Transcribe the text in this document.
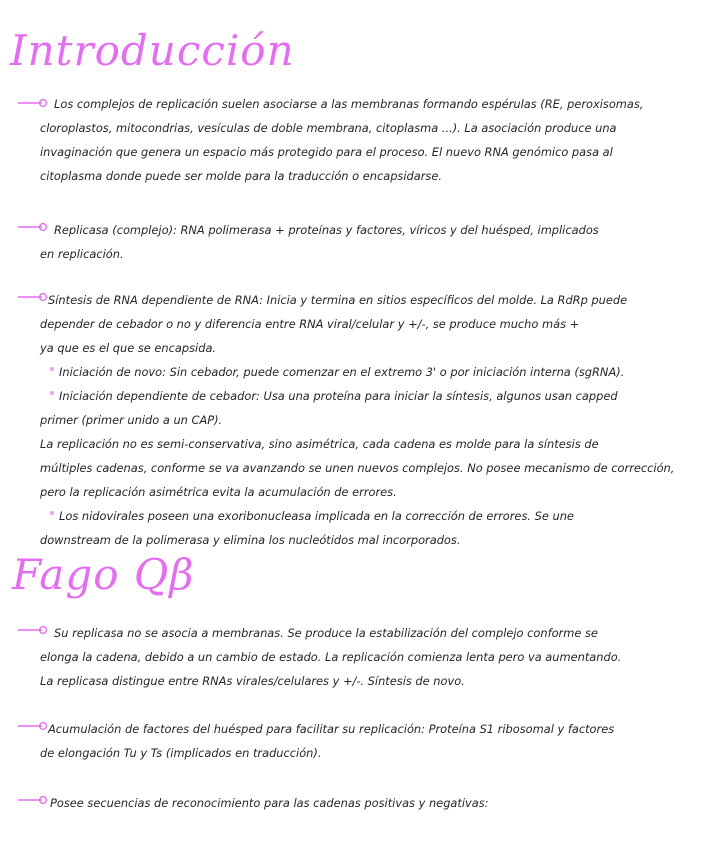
Introducción
Los complejos de replicación suelen asociarse a las membranas formando espérulas (RE, peroxisomas,
cloroplastos, mitocondrias, vesículas de doble membrana, citoplasma ...). La asociación produce una
invaginación que genera un espacio más protegido para el proceso. El nuevo RNA genómico pasa al
citoplasma donde puede ser molde para la traducción o encapsidarse.
Replicasa (complejo): RNA polimerasa + proteínas y factores, víricos y del huésped, implicados
en replicación.
Síntesis de RNA dependiente de RNA: Inicia y termina en sitios específicos del molde. La RdRp puede
depender de cebador o no y diferencia entre RNA viral/celular y +/-, se produce mucho más +
ya que es el que se encapsida.
Iniciación de novo: Sin cebador, puede comenzar en el extremo 3' o por iniciación interna (sgRNA).
Iniciación dependiente de cebador: Usa una proteína para iniciar la síntesis, algunos usan capped
primer (primer unido a un CAP).
La replicación no es semi-conservativa, sino asimétrica, cada cadena es molde para la síntesis de
múltiples cadenas, conforme se va avanzando se unen nuevos complejos. No posee mecanismo de corrección,
pero la replicación asimétrica evita la acumulación de errores.
Los nidovirales poseen una exoribonucleasa implicada en la corrección de errores. Se une
downstream de la polimerasa y elimina los nucleótidos mal incorporados.
Fago Qβ
Su replicasa no se asocia a membranas. Se produce la estabilización del complejo conforme se
elonga la cadena, debido a un cambio de estado. La replicación comienza lenta pero va aumentando.
La replicasa distingue entre RNAs virales/celulares y +/-. Síntesis de novo.
Acumulación de factores del huésped para facilitar su replicación: Proteína S1 ribosomal y factores
de elongación Tu y Ts (implicados en traducción).
Posee secuencias de reconocimiento para las cadenas positivas y negativas:
